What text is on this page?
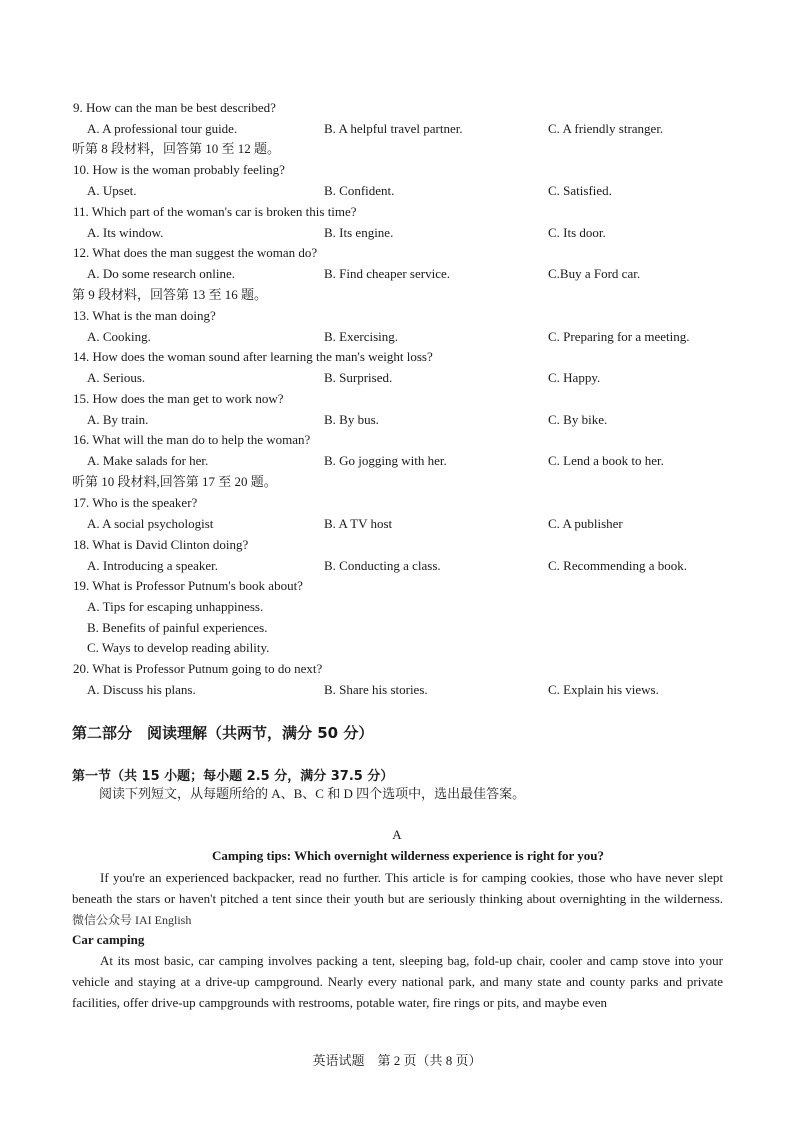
9. How can the man be best described?
A. A professional tour guide.	B. A helpful travel partner.	C. A friendly stranger.
听第 8 段材料，回答第 10 至 12 题。
10. How is the woman probably feeling?
A. Upset.	B. Confident.	C. Satisfied.
11. Which part of the woman's car is broken this time?
A. Its window.	B. Its engine.	C. Its door.
12. What does the man suggest the woman do?
A. Do some research online.	B. Find cheaper service.	C.Buy a Ford car.
第 9 段材料，回答第 13 至 16 题。
13. What is the man doing?
A. Cooking.	B. Exercising.	C. Preparing for a meeting.
14. How does the woman sound after learning the man's weight loss?
A. Serious.	B. Surprised.	C. Happy.
15. How does the man get to work now?
A. By train.	B. By bus.	C. By bike.
16. What will the man do to help the woman?
A. Make salads for her.	B. Go jogging with her.	C. Lend a book to her.
听第 10 段材料,回答第 17 至 20 题。
17. Who is the speaker?
A. A social psychologist	B. A TV host	C. A publisher
18. What is David Clinton doing?
A. Introducing a speaker.	B. Conducting a class.	C. Recommending a book.
19. What is Professor Putnum's book about?
A. Tips for escaping unhappiness.
B. Benefits of painful experiences.
C. Ways to develop reading ability.
20. What is Professor Putnum going to do next?
A. Discuss his plans.	B. Share his stories.	C. Explain his views.
第二部分　阅读理解（共两节，满分 50 分）
第一节（共 15 小题；每小题 2.5 分，满分 37.5 分）
阅读下列短文，从每题所给的 A、B、C 和 D 四个选项中，选出最佳答案。
A
Camping tips: Which overnight wilderness experience is right for you?
If you're an experienced backpacker, read no further. This article is for camping cookies, those who have never slept beneath the stars or haven't pitched a tent since their youth but are seriously thinking about overnighting in the wilderness. 微信公众号 IAI English
Car camping
At its most basic, car camping involves packing a tent, sleeping bag, fold-up chair, cooler and camp stove into your vehicle and staying at a drive-up campground. Nearly every national park, and many state and county parks and private facilities, offer drive-up campgrounds with restrooms, potable water, fire rings or pits, and maybe even
英语试题　第 2 页（共 8 页）
